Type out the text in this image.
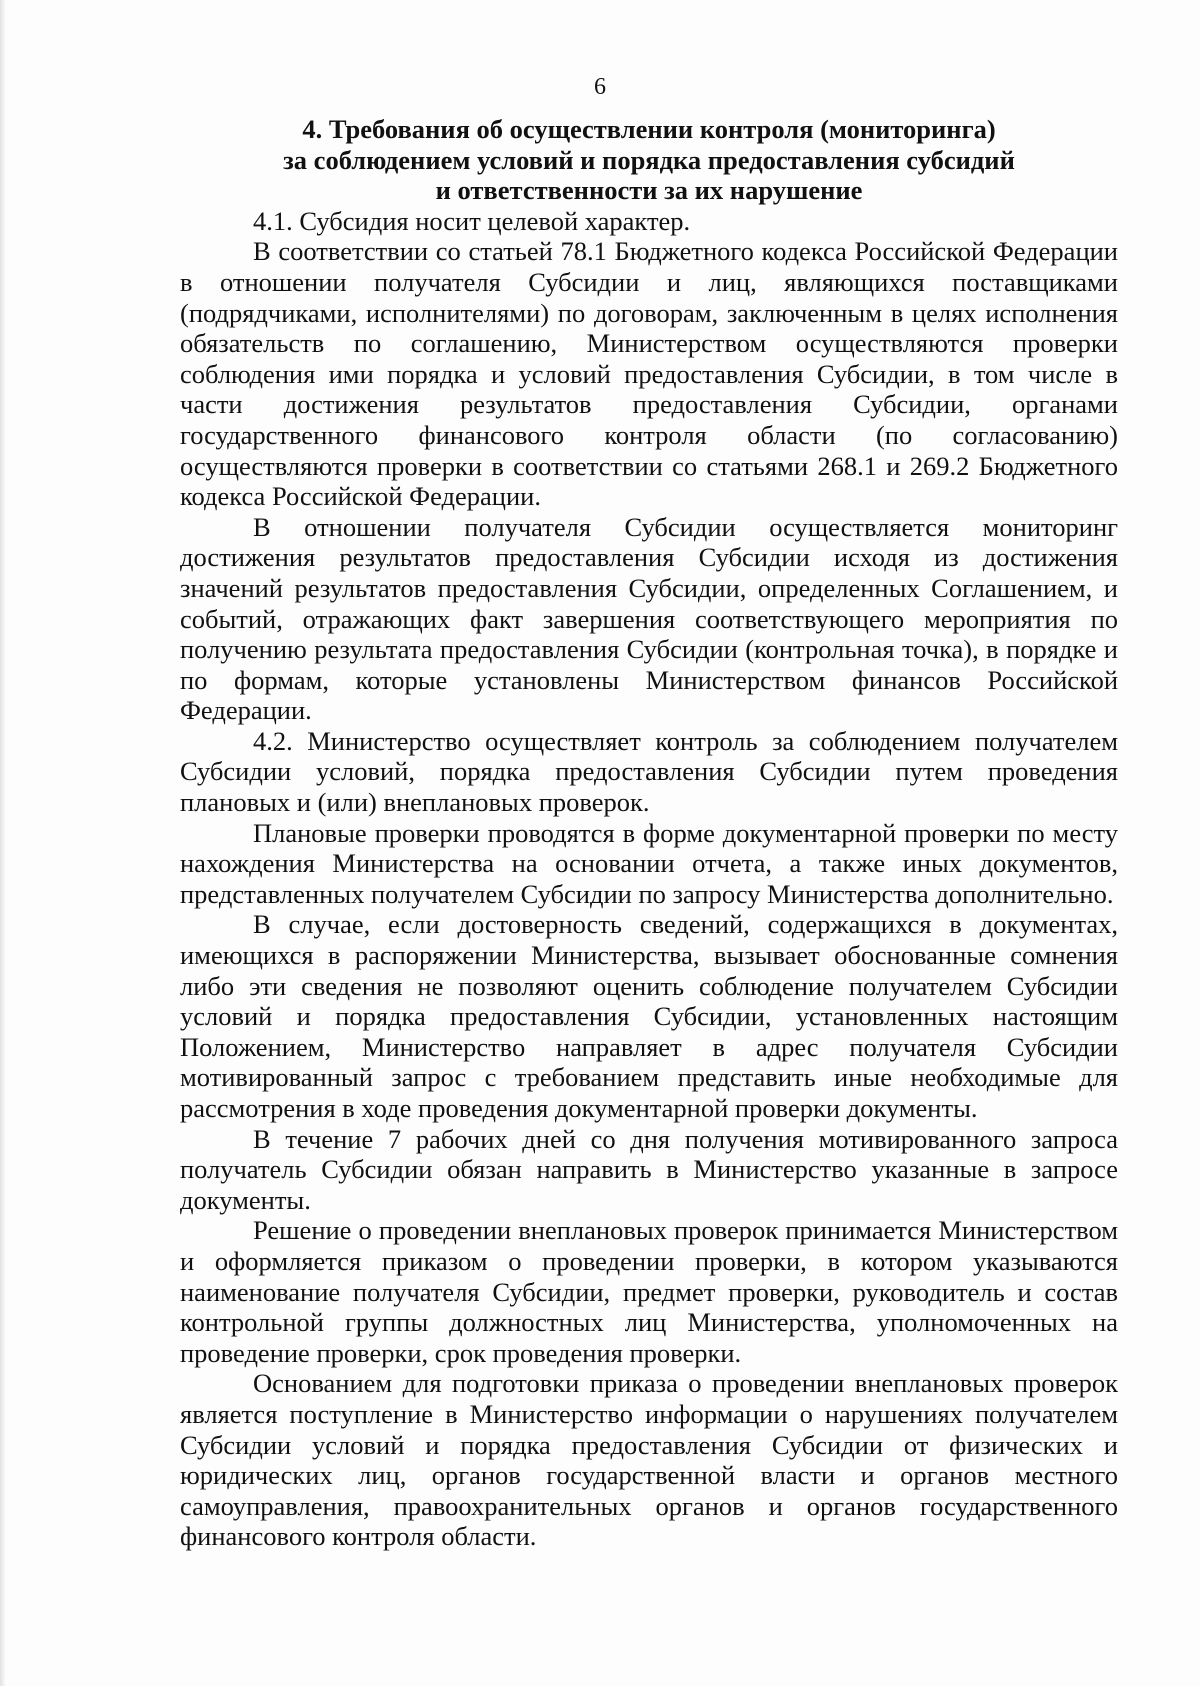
6
4. Требования об осуществлении контроля (мониторинга)
за соблюдением условий и порядка предоставления субсидий
и ответственности за их нарушение

4.1. Субсидия носит целевой характер.

В соответствии со статьей 78.1 Бюджетного кодекса Российской Федерации в отношении получателя Субсидии и лиц, являющихся поставщиками (подрядчиками, исполнителями) по договорам, заключенным в целях исполнения обязательств по соглашению, Министерством осуществляются проверки соблюдения ими порядка и условий предоставления Субсидии, в том числе в части достижения результатов предоставления Субсидии, органами государственного финансового контроля области (по согласованию) осуществляются проверки в соответствии со статьями 268.1 и 269.2 Бюджетного кодекса Российской Федерации.

В отношении получателя Субсидии осуществляется мониторинг достижения результатов предоставления Субсидии исходя из достижения значений результатов предоставления Субсидии, определенных Соглашением, и событий, отражающих факт завершения соответствующего мероприятия по получению результата предоставления Субсидии (контрольная точка), в порядке и по формам, которые установлены Министерством финансов Российской Федерации.

4.2. Министерство осуществляет контроль за соблюдением получателем Субсидии условий, порядка предоставления Субсидии путем проведения плановых и (или) внеплановых проверок.

Плановые проверки проводятся в форме документарной проверки по месту нахождения Министерства на основании отчета, а также иных документов, представленных получателем Субсидии по запросу Министерства дополнительно.

В случае, если достоверность сведений, содержащихся в документах, имеющихся в распоряжении Министерства, вызывает обоснованные сомнения либо эти сведения не позволяют оценить соблюдение получателем Субсидии условий и порядка предоставления Субсидии, установленных настоящим Положением, Министерство направляет в адрес получателя Субсидии мотивированный запрос с требованием представить иные необходимые для рассмотрения в ходе проведения документарной проверки документы.

В течение 7 рабочих дней со дня получения мотивированного запроса получатель Субсидии обязан направить в Министерство указанные в запросе документы.

Решение о проведении внеплановых проверок принимается Министерством и оформляется приказом о проведении проверки, в котором указываются наименование получателя Субсидии, предмет проверки, руководитель и состав контрольной группы должностных лиц Министерства, уполномоченных на проведение проверки, срок проведения проверки.

Основанием для подготовки приказа о проведении внеплановых проверок является поступление в Министерство информации о нарушениях получателем Субсидии условий и порядка предоставления Субсидии от физических и юридических лиц, органов государственной власти и органов местного самоуправления, правоохранительных органов и органов государственного финансового контроля области.
